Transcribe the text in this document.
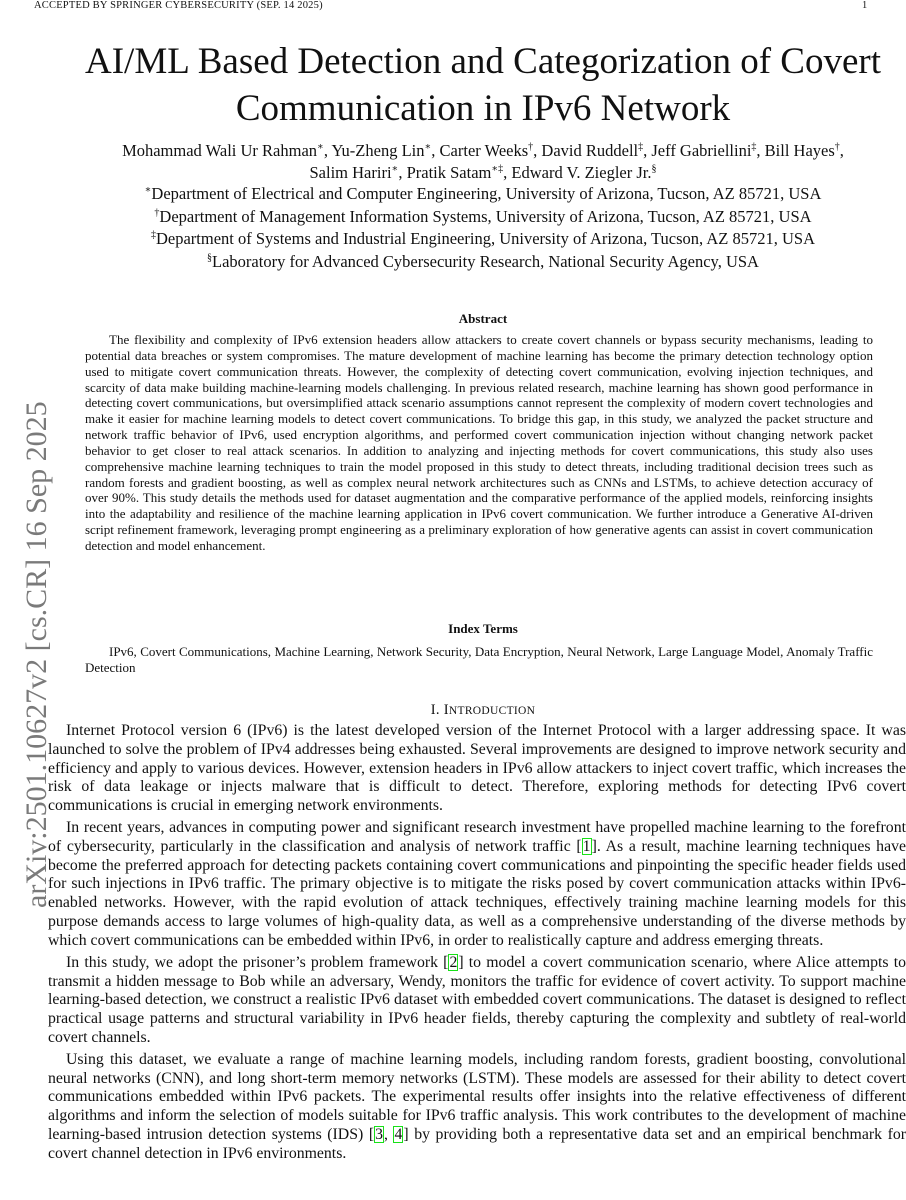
ACCEPTED BY SPRINGER CYBERSECURITY (SEP. 14 2025)	1
arXiv:2501.10627v2 [cs.CR] 16 Sep 2025
AI/ML Based Detection and Categorization of Covert Communication in IPv6 Network
Mohammad Wali Ur Rahman∗, Yu-Zheng Lin∗, Carter Weeks†, David Ruddell‡, Jeff Gabriellini‡, Bill Hayes†,
Salim Hariri∗, Pratik Satam∗‡, Edward V. Ziegler Jr.§
∗Department of Electrical and Computer Engineering, University of Arizona, Tucson, AZ 85721, USA
†Department of Management Information Systems, University of Arizona, Tucson, AZ 85721, USA
‡Department of Systems and Industrial Engineering, University of Arizona, Tucson, AZ 85721, USA
§Laboratory for Advanced Cybersecurity Research, National Security Agency, USA
Abstract

The flexibility and complexity of IPv6 extension headers allow attackers to create covert channels or bypass security mechanisms, leading to potential data breaches or system compromises. The mature development of machine learning has become the primary detection technology option used to mitigate covert communication threats. However, the complexity of detecting covert communication, evolving injection techniques, and scarcity of data make building machine-learning models challenging. In previous related research, machine learning has shown good performance in detecting covert communications, but oversimplified attack scenario assumptions cannot represent the complexity of modern covert technologies and make it easier for machine learning models to detect covert communications. To bridge this gap, in this study, we analyzed the packet structure and network traffic behavior of IPv6, used encryption algorithms, and performed covert communication injection without changing network packet behavior to get closer to real attack scenarios. In addition to analyzing and injecting methods for covert communications, this study also uses comprehensive machine learning techniques to train the model proposed in this study to detect threats, including traditional decision trees such as random forests and gradient boosting, as well as complex neural network architectures such as CNNs and LSTMs, to achieve detection accuracy of over 90%. This study details the methods used for dataset augmentation and the comparative performance of the applied models, reinforcing insights into the adaptability and resilience of the machine learning application in IPv6 covert communication. We further introduce a Generative AI-driven script refinement framework, leveraging prompt engineering as a preliminary exploration of how generative agents can assist in covert communication detection and model enhancement.

Index Terms

IPv6, Covert Communications, Machine Learning, Network Security, Data Encryption, Neural Network, Large Language Model, Anomaly Traffic Detection

I. INTRODUCTION

Internet Protocol version 6 (IPv6) is the latest developed version of the Internet Protocol with a larger addressing space. It was launched to solve the problem of IPv4 addresses being exhausted. Several improvements are designed to improve network security and efficiency and apply to various devices. However, extension headers in IPv6 allow attackers to inject covert traffic, which increases the risk of data leakage or injects malware that is difficult to detect. Therefore, exploring methods for detecting IPv6 covert communications is crucial in emerging network environments.

In recent years, advances in computing power and significant research investment have propelled machine learning to the forefront of cybersecurity, particularly in the classification and analysis of network traffic [1]. As a result, machine learning techniques have become the preferred approach for detecting packets containing covert communications and pinpointing the specific header fields used for such injections in IPv6 traffic. The primary objective is to mitigate the risks posed by covert communication attacks within IPv6-enabled networks. However, with the rapid evolution of attack techniques, effectively training machine learning models for this purpose demands access to large volumes of high-quality data, as well as a comprehensive understanding of the diverse methods by which covert communications can be embedded within IPv6, in order to realistically capture and address emerging threats.

In this study, we adopt the prisoner’s problem framework [2] to model a covert communication scenario, where Alice attempts to transmit a hidden message to Bob while an adversary, Wendy, monitors the traffic for evidence of covert activity. To support machine learning-based detection, we construct a realistic IPv6 dataset with embedded covert communications. The dataset is designed to reflect practical usage patterns and structural variability in IPv6 header fields, thereby capturing the complexity and subtlety of real-world covert channels.

Using this dataset, we evaluate a range of machine learning models, including random forests, gradient boosting, convolutional neural networks (CNN), and long short-term memory networks (LSTM). These models are assessed for their ability to detect covert communications embedded within IPv6 packets. The experimental results offer insights into the relative effectiveness of different algorithms and inform the selection of models suitable for IPv6 traffic analysis. This work contributes to the development of machine learning-based intrusion detection systems (IDS) [3, 4] by providing both a representative data set and an empirical benchmark for covert channel detection in IPv6 environments.
